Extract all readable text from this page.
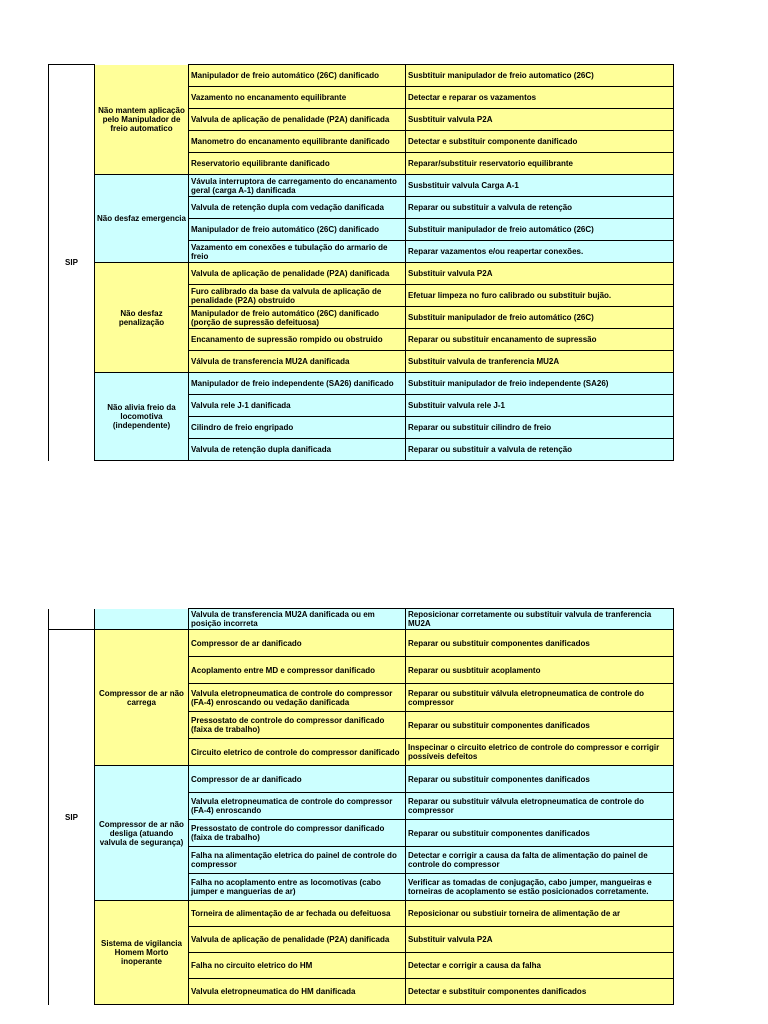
SIP	Não mantem aplicação pelo Manipulador de freio automatico	Manipulador de freio automático (26C) danificado	Susbtituir manipulador de freio automatico (26C)
		Vazamento no encanamento equilibrante	Detectar e reparar os vazamentos
		Valvula de aplicação de penalidade (P2A) danificada	Susbtituir valvula P2A
		Manometro do encanamento equilibrante danificado	Detectar e substituir componente danificado
		Reservatorio equilibrante danificado	Reparar/substituir reservatorio equilibrante
	Não desfaz emergencia	Vávula interruptora de carregamento do encanamento geral (carga A-1) danificada	Susbstituir valvula Carga A-1
		Valvula de retenção dupla com vedação danificada	Reparar ou substituir a valvula de retenção
		Manipulador de freio automático (26C) danificado	Substituir manipulador de freio automático (26C)
		Vazamento em conexões e tubulação do armario de freio	Reparar vazamentos e/ou reapertar conexões.
	Não desfaz penalização	Valvula de aplicação de penalidade (P2A) danificada	Substituir valvula P2A
		Furo calibrado da base da valvula de aplicação de penalidade (P2A) obstruido	Efetuar limpeza no furo calibrado ou substituir bujão.
		Manipulador de freio automático (26C) danificado (porção de supressão defeituosa)	Substituir manipulador de freio automático (26C)
		Encanamento de supressão rompido ou obstruido	Reparar ou substituir encanamento de supressão
		Válvula de transferencia MU2A danificada	Substituir valvula de tranferencia MU2A
	Não alivia freio da locomotiva (independente)	Manipulador de freio independente (SA26) danificado	Substituir manipulador de freio independente (SA26)
		Valvula rele J-1 danificada	Substituir valvula rele J-1
		Cilindro de freio engripado	Reparar ou substituir cilindro de freio
		Valvula de retenção dupla danificada	Reparar ou substituir a valvula de retenção
		Valvula de transferencia MU2A danificada ou em posição incorreta	Reposicionar corretamente ou substituir valvula de tranferencia MU2A
SIP	Compressor de ar não carrega	Compressor de ar danificado	Reparar ou substituir componentes danificados
		Acoplamento entre MD e compressor danificado	Reparar ou susbtituir acoplamento
		Valvula eletropneumatica de controle do compressor (FA-4) enroscando ou vedação danificada	Reparar ou substituir válvula eletropneumatica de controle do compressor
		Pressostato de controle do compressor danificado (faixa de trabalho)	Reparar ou substituir componentes danificados
		Circuito eletrico de controle do compressor danificado	Inspecinar o circuito eletrico de controle do compressor e corrigir possíveis defeitos
	Compressor de ar não desliga (atuando valvula de segurança)	Compressor de ar danificado	Reparar ou substituir componentes danificados
		Valvula eletropneumatica de controle do compressor (FA-4) enroscando	Reparar ou substituir válvula eletropneumatica de controle do compressor
		Pressostato de controle do compressor danificado (faixa de trabalho)	Reparar ou substituir componentes danificados
		Falha na alimentação eletrica do painel de controle do compressor	Detectar e corrigir a causa da falta de alimentação do painel de controle do compressor
		Falha no acoplamento entre as locomotivas (cabo jumper e manguerias de ar)	Verificar as tomadas de conjugação, cabo jumper, mangueiras e torneiras de acoplamento se estão posicionados corretamente.
	Sistema de vigilancia Homem Morto inoperante	Torneira de alimentação de ar fechada ou defeituosa	Reposicionar ou substiuir torneira de alimentação de ar
		Valvula de aplicação de penalidade (P2A) danificada	Substituir valvula P2A
		Falha no circuito eletrico do HM	Detectar e corrigir a causa da falha
		Valvula eletropneumatica do HM danificada	Detectar e substituir componentes danificados
